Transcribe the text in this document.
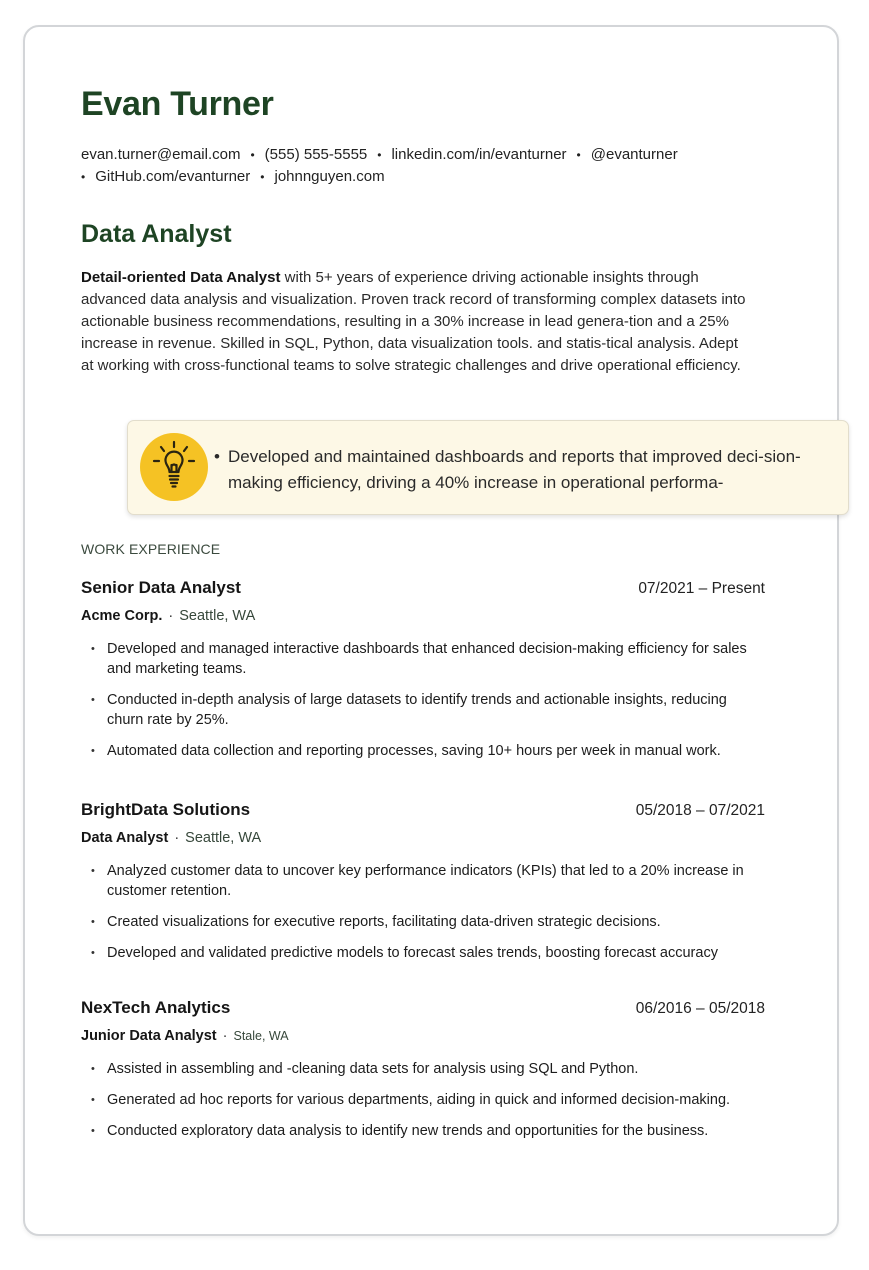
Evan Turner
evan.turner@email.com • (555) 555-5555 • linkedin.com/in/evanturner • @evanturner
• GitHub.com/evanturner • johnnguyen.com
Data Analyst

Detail-oriented Data Analyst with 5+ years of experience driving actionable insights through advanced data analysis and visualization. Proven track record of transforming complex datasets into actionable business recommendations, resulting in a 30% increase in lead genera-tion and a 25% increase in revenue. Skilled in SQL, Python, data visualization tools. and statis-tical analysis. Adept at working with cross-functional teams to solve strategic challenges and drive operational efficiency.

• Developed and maintained dashboards and reports that improved deci-sion-making efficiency, driving a 40% increase in operational performa-
WORK EXPERIENCE
Senior Data Analyst	07/2021 – Present
Acme Corp. · Seattle, WA
• Developed and managed interactive dashboards that enhanced decision-making efficiency for sales and marketing teams.
• Conducted in-depth analysis of large datasets to identify trends and actionable insights, reducing churn rate by 25%.
• Automated data collection and reporting processes, saving 10+ hours per week in manual work.
BrightData Solutions	05/2018 – 07/2021
Data Analyst · Seattle, WA
• Analyzed customer data to uncover key performance indicators (KPIs) that led to a 20% increase in customer retention.
• Created visualizations for executive reports, facilitating data-driven strategic decisions.
• Developed and validated predictive models to forecast sales trends, boosting forecast accuracy
NexTech Analytics	06/2016 – 05/2018
Junior Data Analyst · Stale, WA
• Assisted in assembling and -cleaning data sets for analysis using SQL and Python.
• Generated ad hoc reports for various departments, aiding in quick and informed decision-making.
• Conducted exploratory data analysis to identify new trends and opportunities for the business.
